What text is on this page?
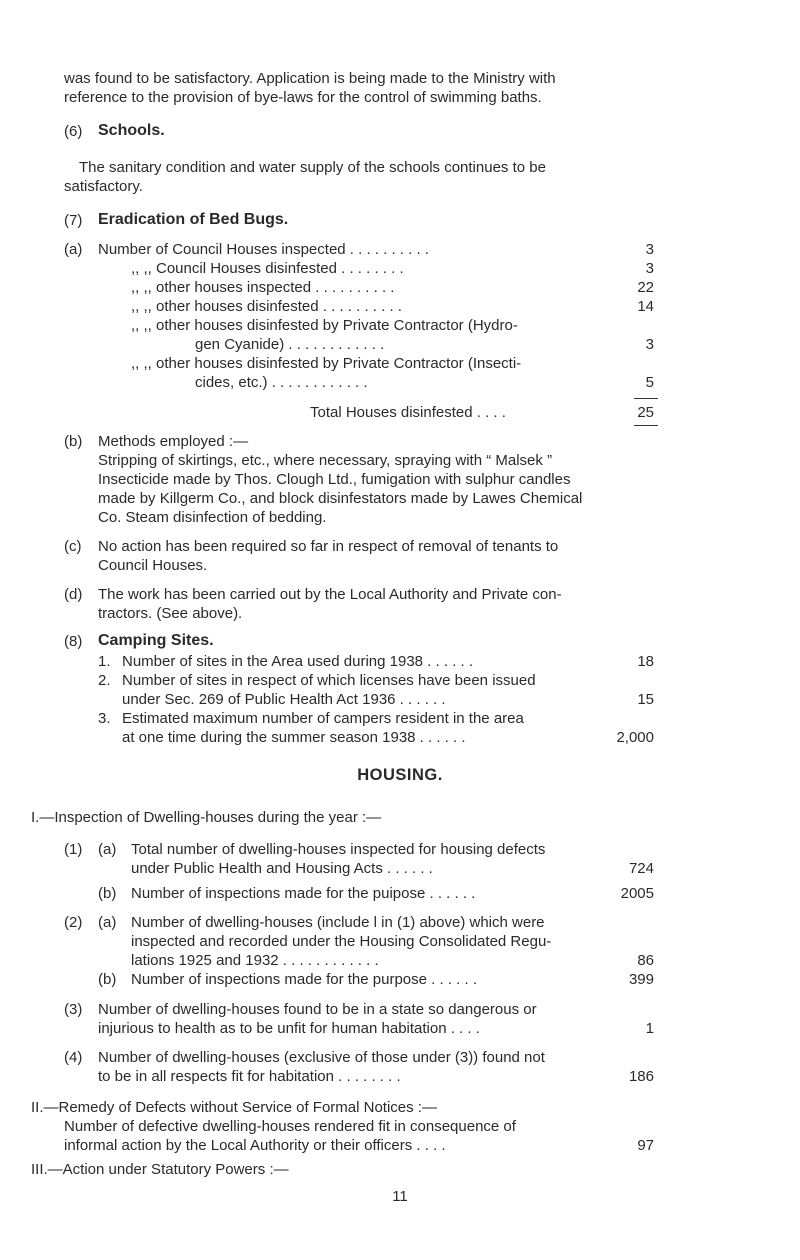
was found to be satisfactory. Application is being made to the Ministry with
reference to the provision of bye-laws for the control of swimming baths.
(6) Schools.
The sanitary condition and water supply of the schools continues to be
satisfactory.
(7) Eradication of Bed Bugs.
(a) Number of Council Houses inspected . . . . . . . . . .	3
,, ,, Council Houses disinfested . . . . . . . .	3
,, ,, other houses inspected . . . . . . . . . .	22
,, ,, other houses disinfested . . . . . . . . . .	14
,, ,, other houses disinfested by Private Contractor (Hydro-
gen Cyanide) . . . . . . . . . . . .	3
,, ,, other houses disinfested by Private Contractor (Insecti-
cides, etc.) . . . . . . . . . . . .	5
Total Houses disinfested . . . .	25
(b) Methods employed :—
Stripping of skirtings, etc., where necessary, spraying with “ Malsek ”
Insecticide made by Thos. Clough Ltd., fumigation with sulphur candles
made by Killgerm Co., and block disinfestators made by Lawes Chemical
Co. Steam disinfection of bedding.
(c) No action has been required so far in respect of removal of tenants to
Council Houses.
(d) The work has been carried out by the Local Authority and Private con-
tractors. (See above).
(8) Camping Sites.
1. Number of sites in the Area used during 1938 . . . . . .	18
2. Number of sites in respect of which licenses have been issued
under Sec. 269 of Public Health Act 1936 . . . . . .	15
3. Estimated maximum number of campers resident in the area
at one time during the summer season 1938 . . . . . .	2,000
HOUSING.
I.—Inspection of Dwelling-houses during the year :—
(1) (a) Total number of dwelling-houses inspected for housing defects
under Public Health and Housing Acts . . . . . .	724
(b) Number of inspections made for the puipose . . . . . .	2005
(2) (a) Number of dwelling-houses (include l in (1) above) which were
inspected and recorded under the Housing Consolidated Regu-
lations 1925 and 1932 . . . . . . . . . . . .	86
(b) Number of inspections made for the purpose . . . . . .	399
(3) Number of dwelling-houses found to be in a state so dangerous or
injurious to health as to be unfit for human habitation . . . .	1
(4) Number of dwelling-houses (exclusive of those under (3)) found not
to be in all respects fit for habitation . . . . . . . .	186
II.—Remedy of Defects without Service of Formal Notices :—
Number of defective dwelling-houses rendered fit in consequence of
informal action by the Local Authority or their officers . . . .	97
III.—Action under Statutory Powers :—
11
